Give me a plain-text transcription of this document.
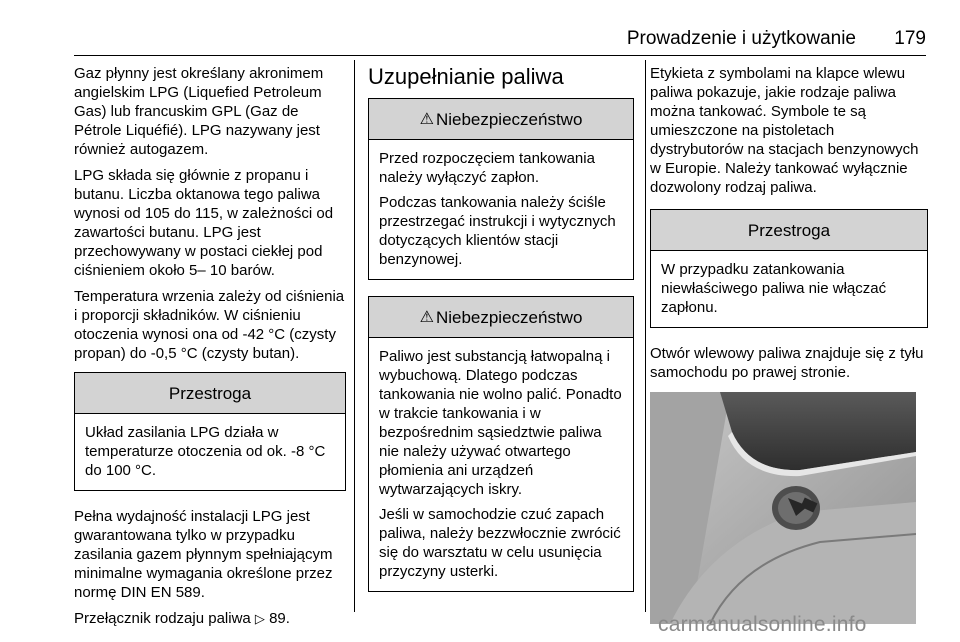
Prowadzenie i użytkowanie 179

Gaz płynny jest określany akronimem angielskim LPG (Liquefied Petroleum Gas) lub francuskim GPL (Gaz de Pétrole Liquéfié). LPG nazywany jest również autogazem.

LPG składa się głównie z propanu i butanu. Liczba oktanowa tego paliwa wynosi od 105 do 115, w zależności od zawartości butanu. LPG jest przechowywany w postaci ciekłej pod ciśnieniem około 5– 10 barów.

Temperatura wrzenia zależy od ciśnienia i proporcji składników. W ciśnieniu otoczenia wynosi ona od -42 °C (czysty propan) do -0,5 °C (czysty butan).

Przestroga

Układ zasilania LPG działa w temperaturze otoczenia od ok. -8 °C do 100 °C.

Pełna wydajność instalacji LPG jest gwarantowana tylko w przypadku zasilania gazem płynnym spełniającym minimalne wymagania określone przez normę DIN EN 589.

Przełącznik rodzaju paliwa ▷ 89.

Uzupełnianie paliwa
⚠ Niebezpieczeństwo

Przed rozpoczęciem tankowania należy wyłączyć zapłon.

Podczas tankowania należy ściśle przestrzegać instrukcji i wytycznych dotyczących klientów stacji benzynowej.

⚠ Niebezpieczeństwo

Paliwo jest substancją łatwopalną i wybuchową. Dlatego podczas tankowania nie wolno palić. Ponadto w trakcie tankowania i w bezpośrednim sąsiedztwie paliwa nie należy używać otwartego płomienia ani urządzeń wytwarzających iskry.

Jeśli w samochodzie czuć zapach paliwa, należy bezzwłocznie zwrócić się do warsztatu w celu usunięcia przyczyny usterki.

Etykieta z symbolami na klapce wlewu paliwa pokazuje, jakie rodzaje paliwa można tankować. Symbole te są umieszczone na pistoletach dystrybutorów na stacjach benzynowych w Europie. Należy tankować wyłącznie dozwolony rodzaj paliwa.

Przestroga

W przypadku zatankowania niewłaściwego paliwa nie włączać zapłonu.

Otwór wlewowy paliwa znajduje się z tyłu samochodu po prawej stronie.

carmanualsonline.info
